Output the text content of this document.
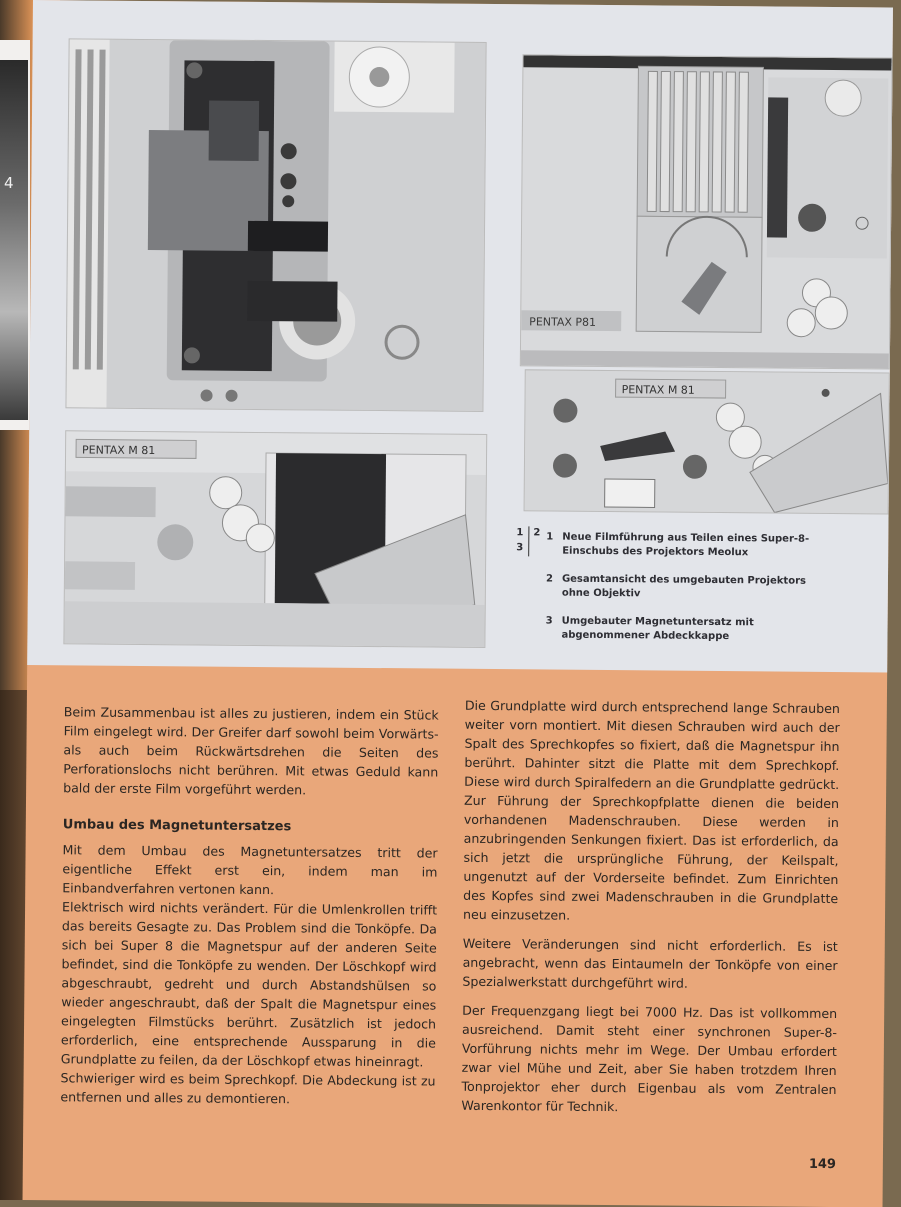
4
PENTAX P81
PENTAX M 81
PENTAX M 81
1 2
3
1 Neue Filmführung aus Teilen eines Super-8-Einschubs des Projektors Meolux
2 Gesamtansicht des umgebauten Projektors ohne Objektiv
3 Umgebauter Magnetuntersatz mit abgenommener Abdeckkappe

Beim Zusammenbau ist alles zu justieren, indem ein Stück Film eingelegt wird. Der Greifer darf sowohl beim Vorwärts- als auch beim Rückwärtsdrehen die Seiten des Perforationslochs nicht berühren. Mit etwas Geduld kann bald der erste Film vorgeführt werden.

Umbau des Magnetuntersatzes

Mit dem Umbau des Magnetuntersatzes tritt der eigentliche Effekt erst ein, indem man im Einbandverfahren vertonen kann.

Elektrisch wird nichts verändert. Für die Umlenkrollen trifft das bereits Gesagte zu. Das Problem sind die Tonköpfe. Da sich bei Super 8 die Magnetspur auf der anderen Seite befindet, sind die Tonköpfe zu wenden. Der Löschkopf wird abgeschraubt, gedreht und durch Abstandshülsen so wieder angeschraubt, daß der Spalt die Magnetspur eines eingelegten Filmstücks berührt. Zusätzlich ist jedoch erforderlich, eine entsprechende Aussparung in die Grundplatte zu feilen, da der Löschkopf etwas hineinragt.

Schwieriger wird es beim Sprechkopf. Die Abdeckung ist zu entfernen und alles zu demontieren.

Die Grundplatte wird durch entsprechend lange Schrauben weiter vorn montiert. Mit diesen Schrauben wird auch der Spalt des Sprechkopfes so fixiert, daß die Magnetspur ihn berührt. Dahinter sitzt die Platte mit dem Sprechkopf. Diese wird durch Spiralfedern an die Grundplatte gedrückt. Zur Führung der Sprechkopfplatte dienen die beiden vorhandenen Madenschrauben. Diese werden in anzubringenden Senkungen fixiert. Das ist erforderlich, da sich jetzt die ursprüngliche Führung, der Keilspalt, ungenutzt auf der Vorderseite befindet. Zum Einrichten des Kopfes sind zwei Madenschrauben in die Grundplatte neu einzusetzen.

Weitere Veränderungen sind nicht erforderlich. Es ist angebracht, wenn das Eintaumeln der Tonköpfe von einer Spezialwerkstatt durchgeführt wird.

Der Frequenzgang liegt bei 7000 Hz. Das ist vollkommen ausreichend. Damit steht einer synchronen Super-8-Vorführung nichts mehr im Wege. Der Umbau erfordert zwar viel Mühe und Zeit, aber Sie haben trotzdem Ihren Tonprojektor eher durch Eigenbau als vom Zentralen Warenkontor für Technik.

149
